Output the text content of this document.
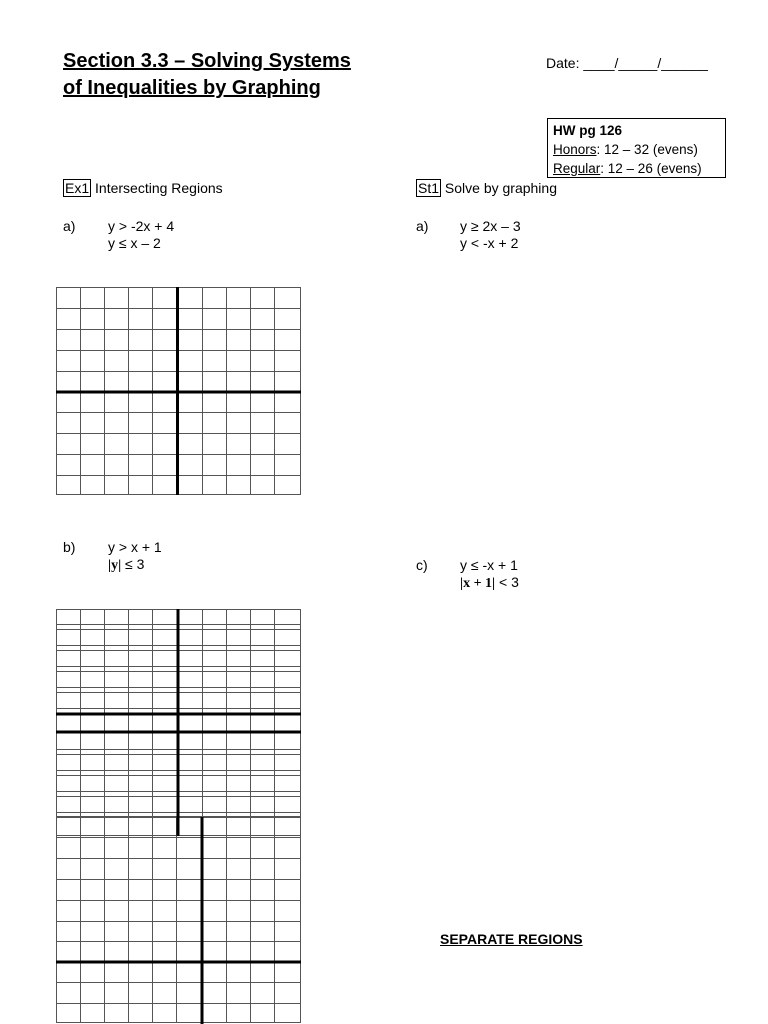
Section 3.3 – Solving Systems
of Inequalities by Graphing
Date: ____/_____/______
HW pg 126
Honors: 12 – 32 (evens)
Regular: 12 – 26 (evens)
Ex1 Intersecting Regions	St1 Solve by graphing
a) y > -2x + 4
y ≤ x – 2
a) y ≥ 2x – 3
y < -x + 2
b) y > x + 1
|y| ≤ 3	c) y ≤ -x + 1
|x + 1| < 3
SEPARATE REGIONS
